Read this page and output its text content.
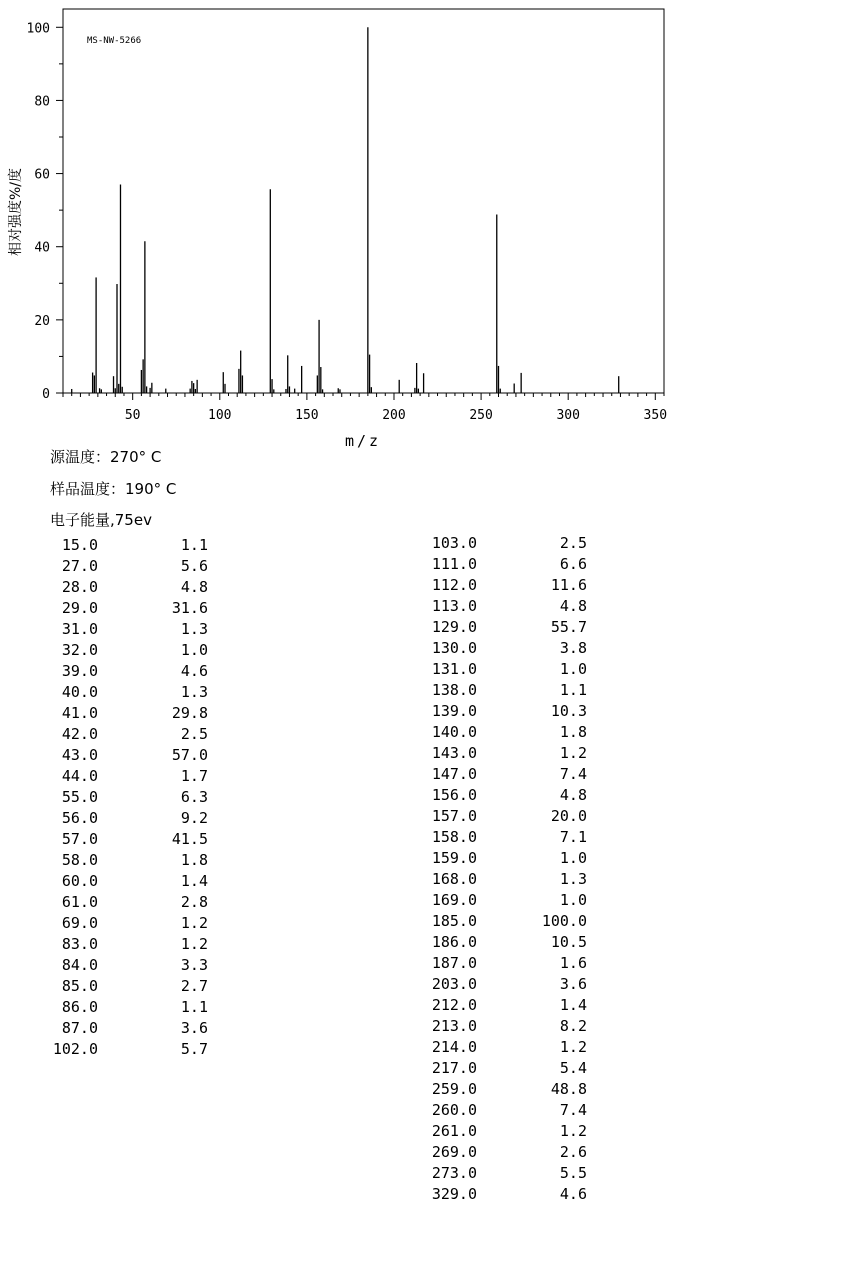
MS-NW-5266
0
20
40
60
80
100
50	100	150	200	250	300	350
相对强度%/度
m/z
源温度：270° C
样品温度：190° C
电子能量,75ev
15.0	1.1
27.0	5.6
28.0	4.8
29.0	31.6
31.0	1.3
32.0	1.0
39.0	4.6
40.0	1.3
41.0	29.8
42.0	2.5
43.0	57.0
44.0	1.7
55.0	6.3
56.0	9.2
57.0	41.5
58.0	1.8
60.0	1.4
61.0	2.8
69.0	1.2
83.0	1.2
84.0	3.3
85.0	2.7
86.0	1.1
87.0	3.6
102.0	5.7
103.0	2.5
111.0	6.6
112.0	11.6
113.0	4.8
129.0	55.7
130.0	3.8
131.0	1.0
138.0	1.1
139.0	10.3
140.0	1.8
143.0	1.2
147.0	7.4
156.0	4.8
157.0	20.0
158.0	7.1
159.0	1.0
168.0	1.3
169.0	1.0
185.0	100.0
186.0	10.5
187.0	1.6
203.0	3.6
212.0	1.4
213.0	8.2
214.0	1.2
217.0	5.4
259.0	48.8
260.0	7.4
261.0	1.2
269.0	2.6
273.0	5.5
329.0	4.6
